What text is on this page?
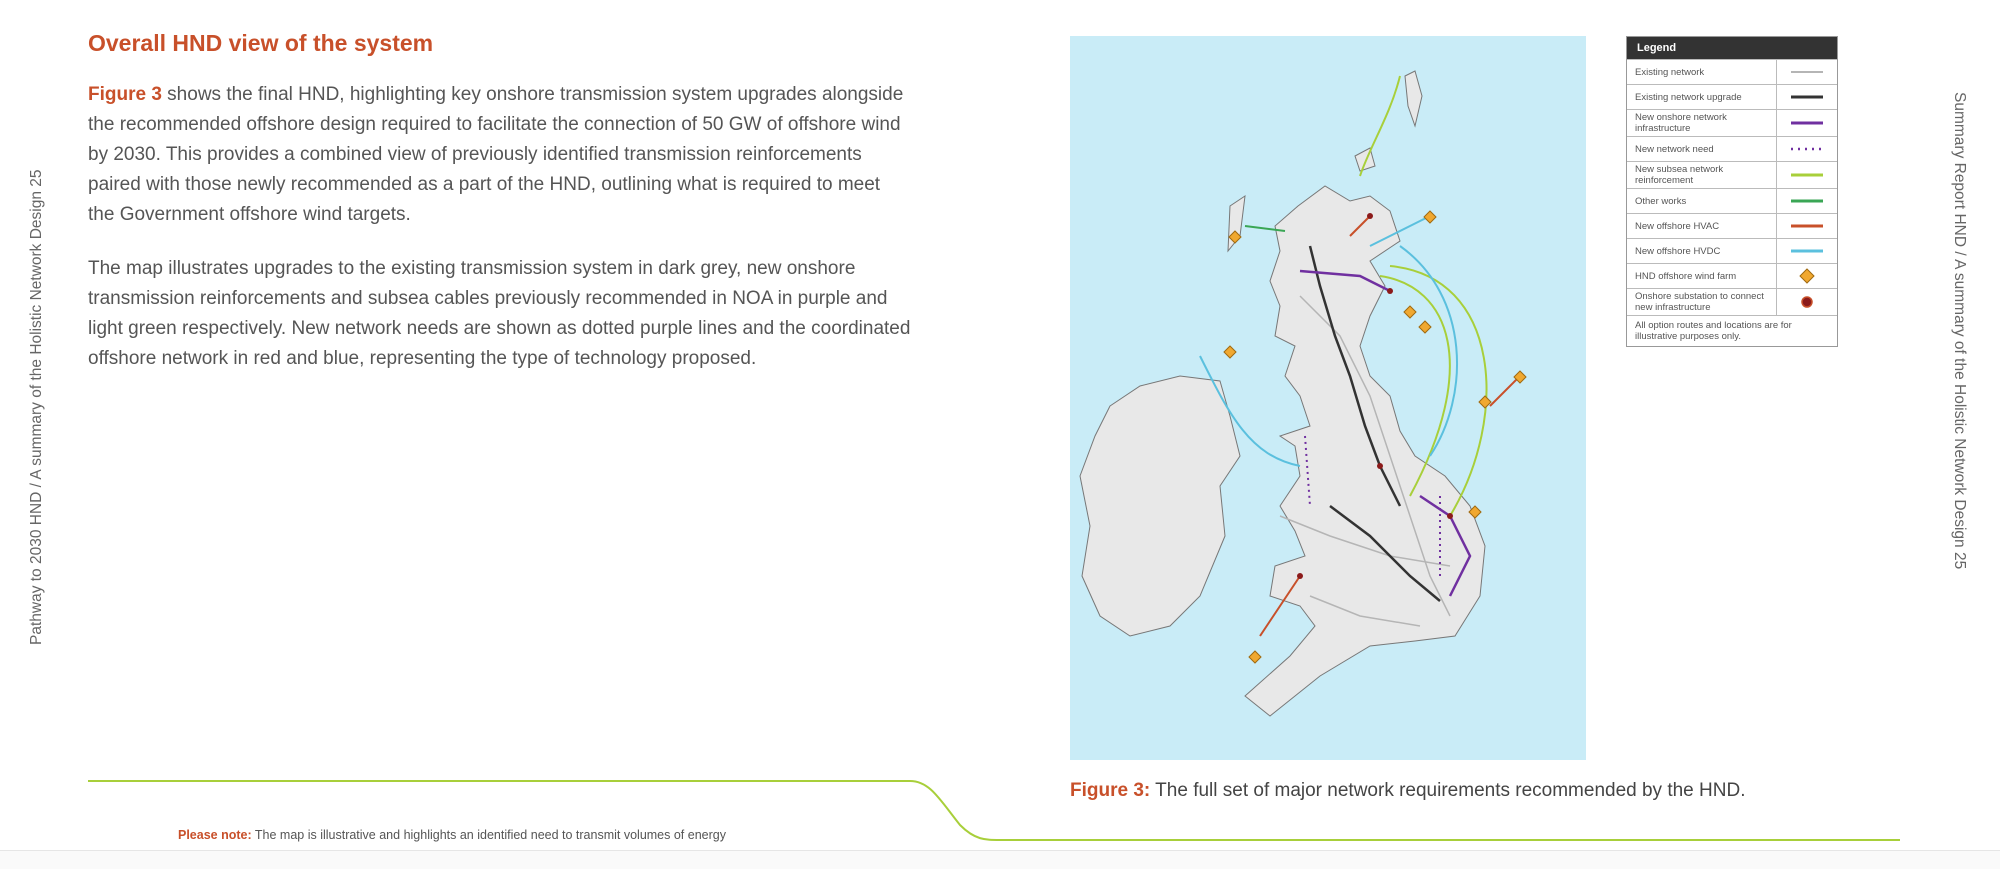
Pathway to 2030 HND / A summary of the Holistic Network Design 25	Summary Report HND / A summary of the Holistic Network Design 25
Overall HND view of the system
Figure 3 shows the final HND, highlighting key onshore transmission system upgrades alongside
the recommended offshore design required to facilitate the connection of 50 GW of offshore wind
by 2030. This provides a combined view of previously identified transmission reinforcements
paired with those newly recommended as a part of the HND, outlining what is required to meet
the Government offshore wind targets.
The map illustrates upgrades to the existing transmission system in dark grey, new onshore
transmission reinforcements and subsea cables previously recommended in NOA in purple and
light green respectively. New network needs are shown as dotted purple lines and the coordinated
offshore network in red and blue, representing the type of technology proposed.
Legend
Existing network
Existing network upgrade
New onshore network infrastructure
New network need
New subsea network reinforcement
Other works
New offshore HVAC
New offshore HVDC
HND offshore wind farm
Onshore substation to connect new infrastructure
All option routes and locations are for illustrative purposes only.
Figure 3: The full set of major network requirements recommended by the HND.
Please note: The map is illustrative and highlights an identified need to transmit volumes of energy
